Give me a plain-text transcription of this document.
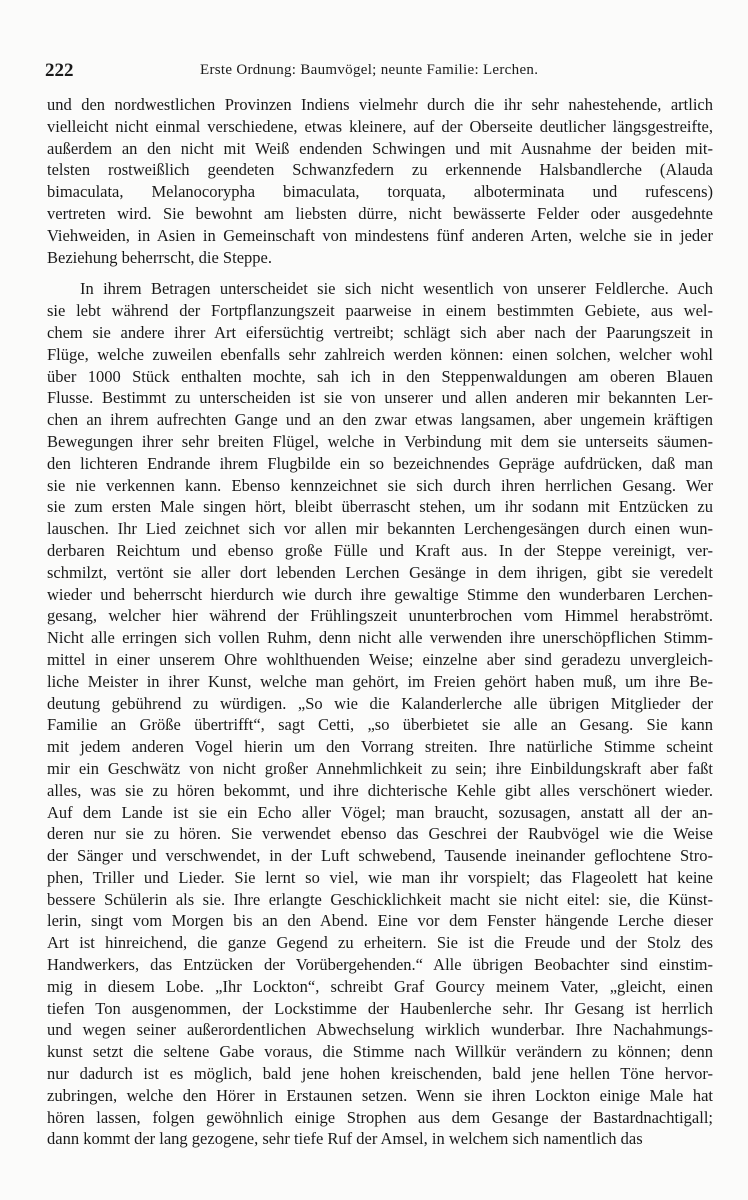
222	Erste Ordnung: Baumvögel; neunte Familie: Lerchen.
und den nordwestlichen Provinzen Indiens vielmehr durch die ihr sehr nahestehende, artlich
vielleicht nicht einmal verschiedene, etwas kleinere, auf der Oberseite deutlicher längsgestreifte,
außerdem an den nicht mit Weiß endenden Schwingen und mit Ausnahme der beiden mit-
telsten rostweißlich geendeten Schwanzfedern zu erkennende Halsbandlerche (Alauda
bimaculata, Melanocorypha bimaculata, torquata, alboterminata und rufescens)
vertreten wird. Sie bewohnt am liebsten dürre, nicht bewässerte Felder oder ausgedehnte
Viehweiden, in Asien in Gemeinschaft von mindestens fünf anderen Arten, welche sie in jeder
Beziehung beherrscht, die Steppe.
In ihrem Betragen unterscheidet sie sich nicht wesentlich von unserer Feldlerche. Auch
sie lebt während der Fortpflanzungszeit paarweise in einem bestimmten Gebiete, aus wel-
chem sie andere ihrer Art eifersüchtig vertreibt; schlägt sich aber nach der Paarungszeit in
Flüge, welche zuweilen ebenfalls sehr zahlreich werden können: einen solchen, welcher wohl
über 1000 Stück enthalten mochte, sah ich in den Steppenwaldungen am oberen Blauen
Flusse. Bestimmt zu unterscheiden ist sie von unserer und allen anderen mir bekannten Ler-
chen an ihrem aufrechten Gange und an den zwar etwas langsamen, aber ungemein kräftigen
Bewegungen ihrer sehr breiten Flügel, welche in Verbindung mit dem sie unterseits säumen-
den lichteren Endrande ihrem Flugbilde ein so bezeichnendes Gepräge aufdrücken, daß man
sie nie verkennen kann. Ebenso kennzeichnet sie sich durch ihren herrlichen Gesang. Wer
sie zum ersten Male singen hört, bleibt überrascht stehen, um ihr sodann mit Entzücken zu
lauschen. Ihr Lied zeichnet sich vor allen mir bekannten Lerchengesängen durch einen wun-
derbaren Reichtum und ebenso große Fülle und Kraft aus. In der Steppe vereinigt, ver-
schmilzt, vertönt sie aller dort lebenden Lerchen Gesänge in dem ihrigen, gibt sie veredelt
wieder und beherrscht hierdurch wie durch ihre gewaltige Stimme den wunderbaren Lerchen-
gesang, welcher hier während der Frühlingszeit ununterbrochen vom Himmel herabströmt.
Nicht alle erringen sich vollen Ruhm, denn nicht alle verwenden ihre unerschöpflichen Stimm-
mittel in einer unserem Ohre wohlthuenden Weise; einzelne aber sind geradezu unvergleich-
liche Meister in ihrer Kunst, welche man gehört, im Freien gehört haben muß, um ihre Be-
deutung gebührend zu würdigen. „So wie die Kalanderlerche alle übrigen Mitglieder der
Familie an Größe übertrifft“, sagt Cetti, „so überbietet sie alle an Gesang. Sie kann
mit jedem anderen Vogel hierin um den Vorrang streiten. Ihre natürliche Stimme scheint
mir ein Geschwätz von nicht großer Annehmlichkeit zu sein; ihre Einbildungskraft aber faßt
alles, was sie zu hören bekommt, und ihre dichterische Kehle gibt alles verschönert wieder.
Auf dem Lande ist sie ein Echo aller Vögel; man braucht, sozusagen, anstatt all der an-
deren nur sie zu hören. Sie verwendet ebenso das Geschrei der Raubvögel wie die Weise
der Sänger und verschwendet, in der Luft schwebend, Tausende ineinander geflochtene Stro-
phen, Triller und Lieder. Sie lernt so viel, wie man ihr vorspielt; das Flageolett hat keine
bessere Schülerin als sie. Ihre erlangte Geschicklichkeit macht sie nicht eitel: sie, die Künst-
lerin, singt vom Morgen bis an den Abend. Eine vor dem Fenster hängende Lerche dieser
Art ist hinreichend, die ganze Gegend zu erheitern. Sie ist die Freude und der Stolz des
Handwerkers, das Entzücken der Vorübergehenden.“ Alle übrigen Beobachter sind einstim-
mig in diesem Lobe. „Ihr Lockton“, schreibt Graf Gourcy meinem Vater, „gleicht, einen
tiefen Ton ausgenommen, der Lockstimme der Haubenlerche sehr. Ihr Gesang ist herrlich
und wegen seiner außerordentlichen Abwechselung wirklich wunderbar. Ihre Nachahmungs-
kunst setzt die seltene Gabe voraus, die Stimme nach Willkür verändern zu können; denn
nur dadurch ist es möglich, bald jene hohen kreischenden, bald jene hellen Töne hervor-
zubringen, welche den Hörer in Erstaunen setzen. Wenn sie ihren Lockton einige Male hat
hören lassen, folgen gewöhnlich einige Strophen aus dem Gesange der Bastardnachtigall;
dann kommt der lang gezogene, sehr tiefe Ruf der Amsel, in welchem sich namentlich das
